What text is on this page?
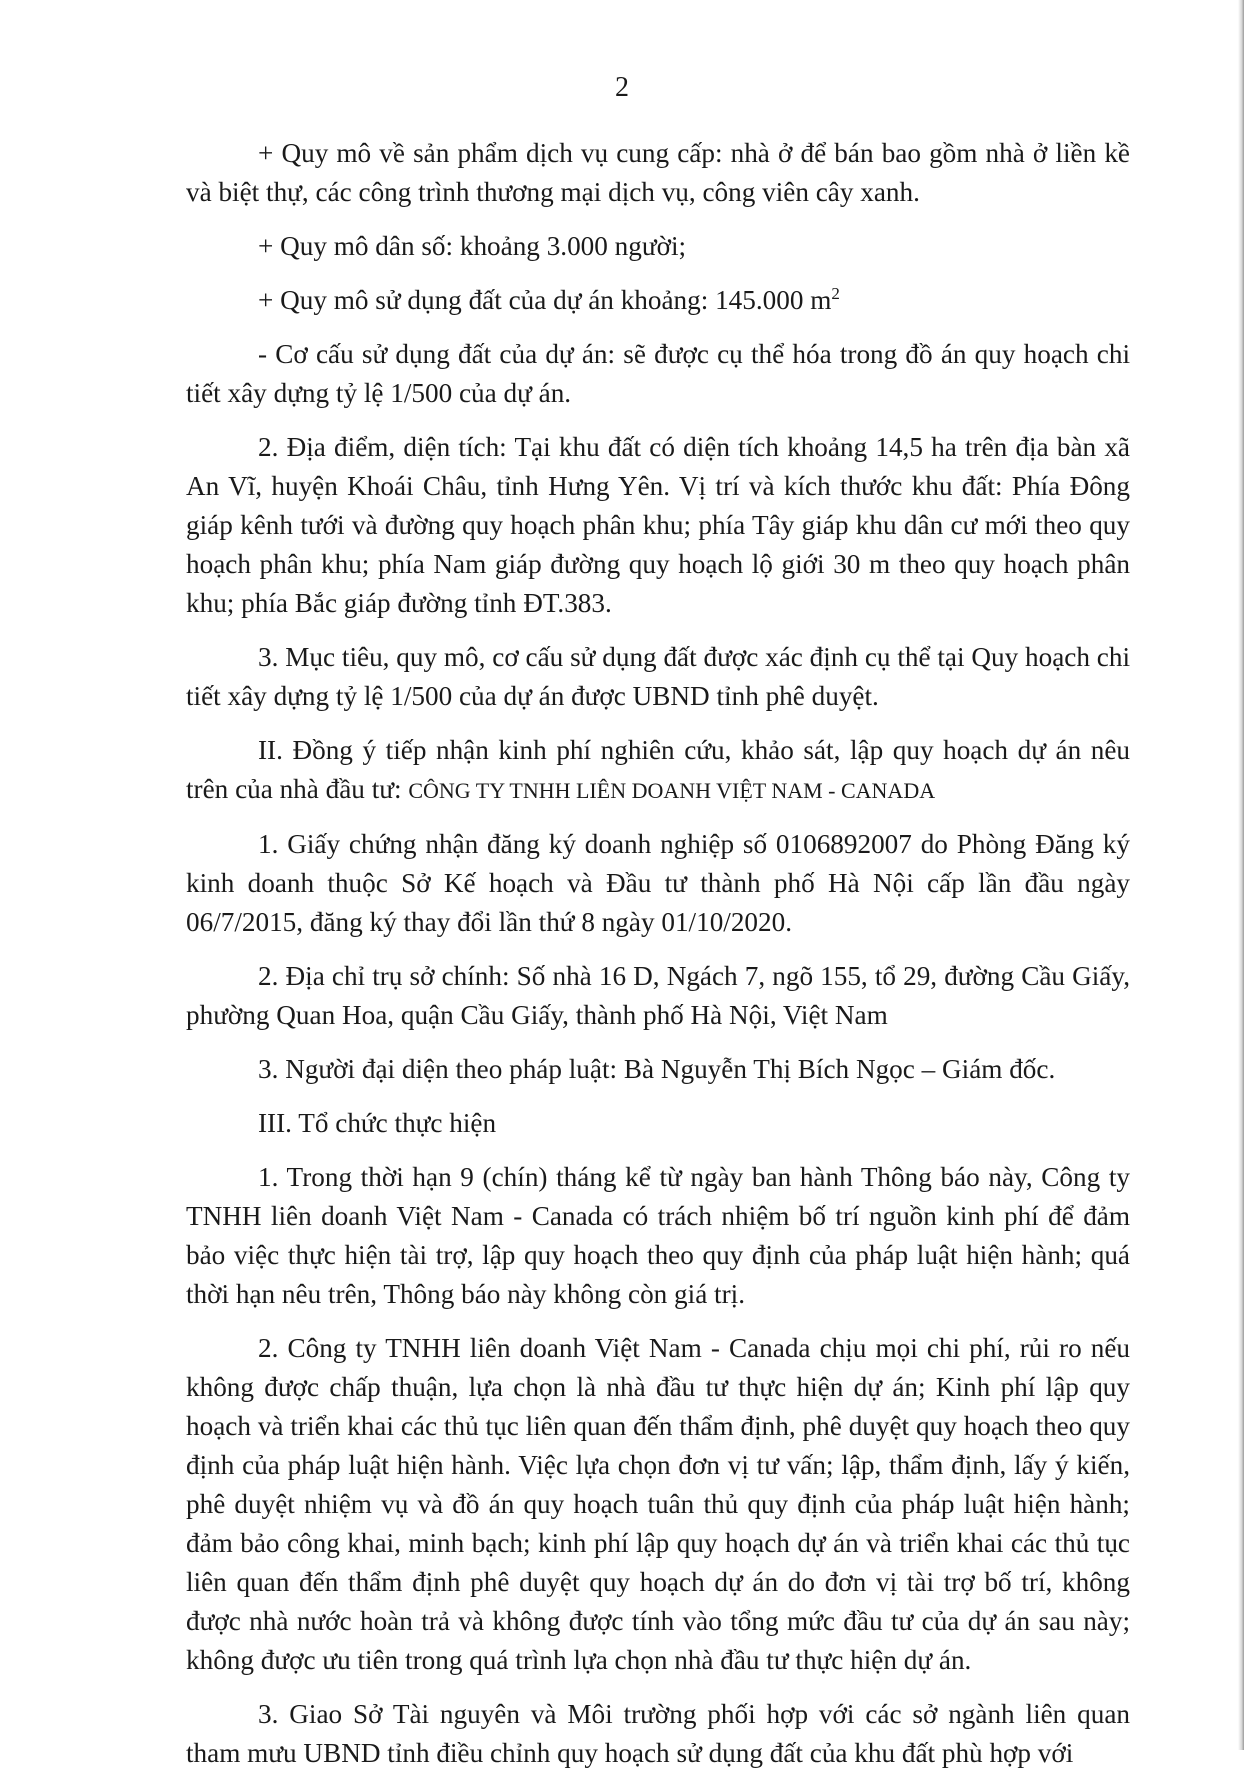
2

+ Quy mô về sản phẩm dịch vụ cung cấp: nhà ở để bán bao gồm nhà ở liền kề và biệt thự, các công trình thương mại dịch vụ, công viên cây xanh.

+ Quy mô dân số: khoảng 3.000 người;

+ Quy mô sử dụng đất của dự án khoảng: 145.000 $m^2$

- Cơ cấu sử dụng đất của dự án: sẽ được cụ thể hóa trong đồ án quy hoạch chi tiết xây dựng tỷ lệ 1/500 của dự án.

2. Địa điểm, diện tích: Tại khu đất có diện tích khoảng 14,5 ha trên địa bàn xã An Vĩ, huyện Khoái Châu, tỉnh Hưng Yên. Vị trí và kích thước khu đất: Phía Đông giáp kênh tưới và đường quy hoạch phân khu; phía Tây giáp khu dân cư mới theo quy hoạch phân khu; phía Nam giáp đường quy hoạch lộ giới 30 m theo quy hoạch phân khu; phía Bắc giáp đường tỉnh ĐT.383.

3. Mục tiêu, quy mô, cơ cấu sử dụng đất được xác định cụ thể tại Quy hoạch chi tiết xây dựng tỷ lệ 1/500 của dự án được UBND tỉnh phê duyệt.

II. Đồng ý tiếp nhận kinh phí nghiên cứu, khảo sát, lập quy hoạch dự án nêu trên của nhà đầu tư: CÔNG TY TNHH LIÊN DOANH VIỆT NAM - CANADA

1. Giấy chứng nhận đăng ký doanh nghiệp số 0106892007 do Phòng Đăng ký kinh doanh thuộc Sở Kế hoạch và Đầu tư thành phố Hà Nội cấp lần đầu ngày 06/7/2015, đăng ký thay đổi lần thứ 8 ngày 01/10/2020.

2. Địa chỉ trụ sở chính: Số nhà 16 D, Ngách 7, ngõ 155, tổ 29, đường Cầu Giấy, phường Quan Hoa, quận Cầu Giấy, thành phố Hà Nội, Việt Nam

3. Người đại diện theo pháp luật: Bà Nguyễn Thị Bích Ngọc – Giám đốc.

III. Tổ chức thực hiện

1. Trong thời hạn 9 (chín) tháng kể từ ngày ban hành Thông báo này, Công ty TNHH liên doanh Việt Nam - Canada có trách nhiệm bố trí nguồn kinh phí để đảm bảo việc thực hiện tài trợ, lập quy hoạch theo quy định của pháp luật hiện hành; quá thời hạn nêu trên, Thông báo này không còn giá trị.

2. Công ty TNHH liên doanh Việt Nam - Canada chịu mọi chi phí, rủi ro nếu không được chấp thuận, lựa chọn là nhà đầu tư thực hiện dự án; Kinh phí lập quy hoạch và triển khai các thủ tục liên quan đến thẩm định, phê duyệt quy hoạch theo quy định của pháp luật hiện hành. Việc lựa chọn đơn vị tư vấn; lập, thẩm định, lấy ý kiến, phê duyệt nhiệm vụ và đồ án quy hoạch tuân thủ quy định của pháp luật hiện hành; đảm bảo công khai, minh bạch; kinh phí lập quy hoạch dự án và triển khai các thủ tục liên quan đến thẩm định phê duyệt quy hoạch dự án do đơn vị tài trợ bố trí, không được nhà nước hoàn trả và không được tính vào tổng mức đầu tư của dự án sau này; không được ưu tiên trong quá trình lựa chọn nhà đầu tư thực hiện dự án.

3. Giao Sở Tài nguyên và Môi trường phối hợp với các sở ngành liên quan tham mưu UBND tỉnh điều chỉnh quy hoạch sử dụng đất của khu đất phù hợp với
